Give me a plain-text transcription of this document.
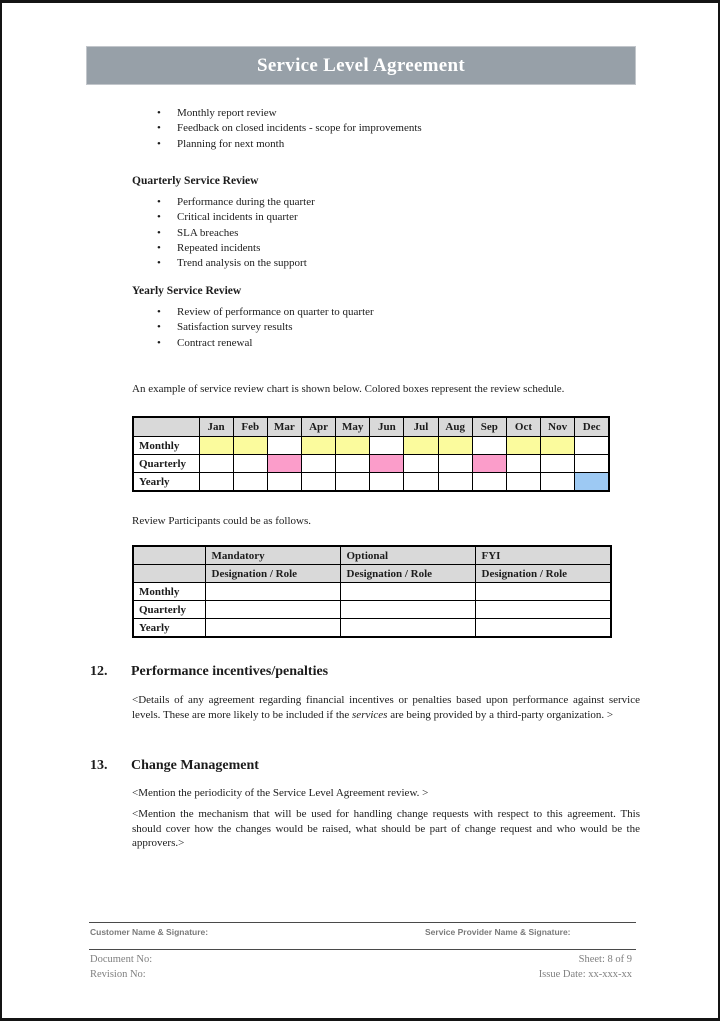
Service Level Agreement
• Monthly report review
• Feedback on closed incidents - scope for improvements
• Planning for next month
Quarterly Service Review
• Performance during the quarter
• Critical incidents in quarter
• SLA breaches
• Repeated incidents
• Trend analysis on the support
Yearly Service Review
• Review of performance on quarter to quarter
• Satisfaction survey results
• Contract renewal

An example of service review chart is shown below. Colored boxes represent the review schedule.

	Jan	Feb	Mar	Apr	May	Jun	Jul	Aug	Sep	Oct	Nov	Dec
Monthly												
Quarterly												
Yearly												

Review Participants could be as follows.

	Mandatory	Optional	FYI
	Designation / Role	Designation / Role	Designation / Role
Monthly			
Quarterly			
Yearly			

12. Performance incentives/penalties

<Details of any agreement regarding financial incentives or penalties based upon performance against service levels. These are more likely to be included if the services are being provided by a third-party organization. >

13. Change Management

<Mention the periodicity of the Service Level Agreement review. >

<Mention the mechanism that will be used for handling change requests with respect to this agreement. This should cover how the changes would be raised, what should be part of change request and who would be the approvers.>

Customer Name & Signature:	Service Provider Name & Signature:
Document No:	Sheet: 8 of 9
Revision No:	Issue Date: xx-xxx-xx
